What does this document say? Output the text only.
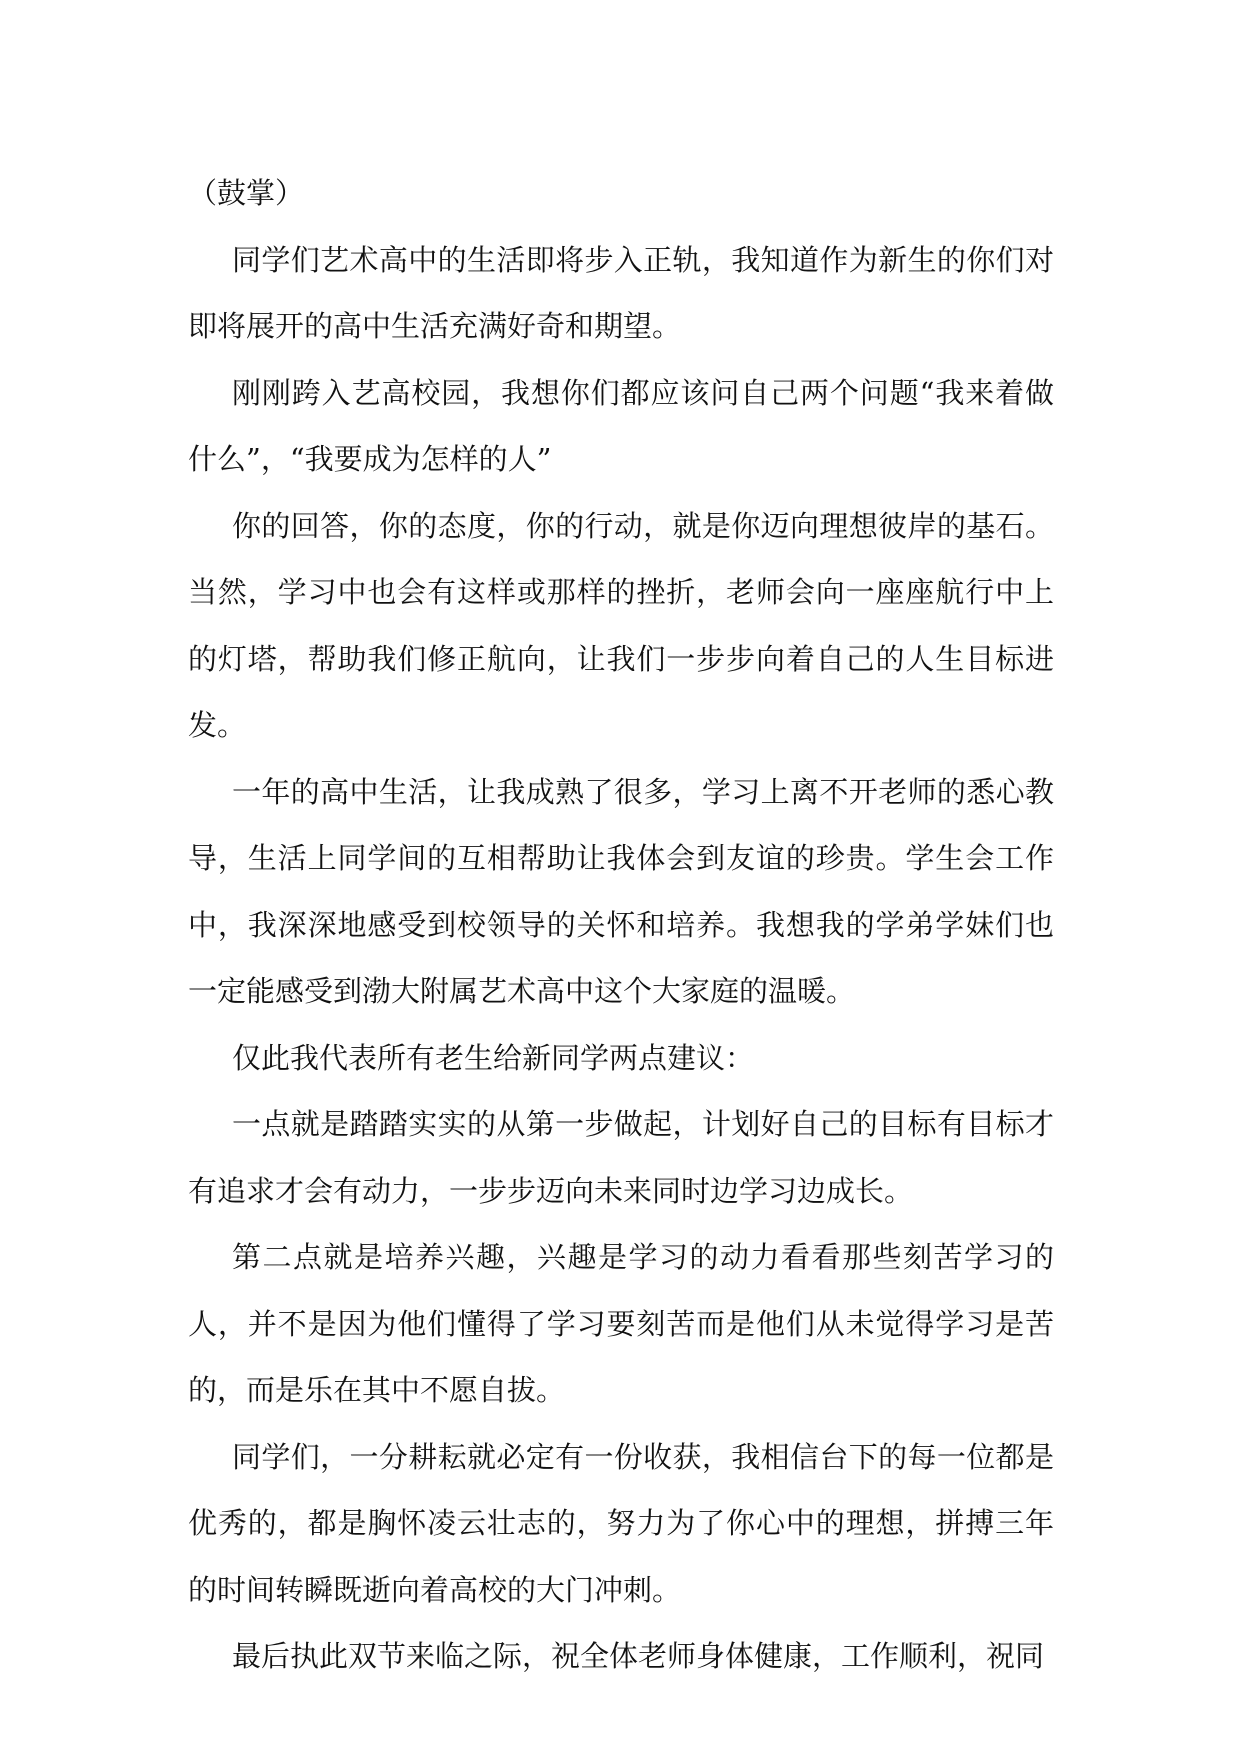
（鼓掌）

同学们艺术高中的生活即将步入正轨，我知道作为新生的你们对即将展开的高中生活充满好奇和期望。

刚刚跨入艺高校园，我想你们都应该问自己两个问题“我来着做什么”，“我要成为怎样的人”

你的回答，你的态度，你的行动，就是你迈向理想彼岸的基石。当然，学习中也会有这样或那样的挫折，老师会向一座座航行中上的灯塔，帮助我们修正航向，让我们一步步向着自己的人生目标进发。

一年的高中生活，让我成熟了很多，学习上离不开老师的悉心教导，生活上同学间的互相帮助让我体会到友谊的珍贵。学生会工作中，我深深地感受到校领导的关怀和培养。我想我的学弟学妹们也一定能感受到渤大附属艺术高中这个大家庭的温暖。

仅此我代表所有老生给新同学两点建议：

一点就是踏踏实实的从第一步做起，计划好自己的目标有目标才有追求才会有动力，一步步迈向未来同时边学习边成长。

第二点就是培养兴趣，兴趣是学习的动力看看那些刻苦学习的人，并不是因为他们懂得了学习要刻苦而是他们从未觉得学习是苦的，而是乐在其中不愿自拔。

同学们，一分耕耘就必定有一份收获，我相信台下的每一位都是优秀的，都是胸怀凌云壮志的，努力为了你心中的理想，拼搏三年的时间转瞬既逝向着高校的大门冲刺。

最后执此双节来临之际，祝全体老师身体健康，工作顺利，祝同
